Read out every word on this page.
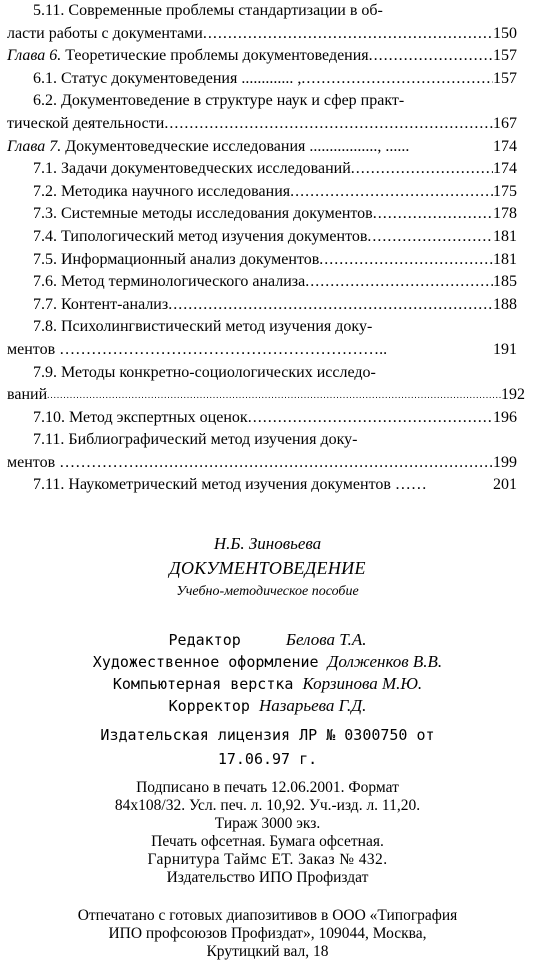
5.11. Современные проблемы стандартизации в об-
ласти работы с документами .....	150
Глава 6. Теоретические проблемы документоведения .....	157
6.1. Статус документоведения ............. , .....	157
6.2. Документоведение в структуре наук и сфер практ-
тической деятельности .....	167
Глава 7. Документоведческие исследования ................., ......	174
7.1. Задачи документоведческих исследований .....	174
7.2. Методика научного исследования .....	175
7.3. Системные методы исследования документов .....	178
7.4. Типологический метод изучения документов .....	181
7.5. Информационный анализ документов .....	181
7.6. Метод терминологического анализа .....	185
7.7. Контент-анализ .....	188
7.8. Психолингвистический метод изучения доку-
ментов ……………………………………………………..	191
7.9. Методы конкретно-социологических исследо-
ваний .....	192
7.10. Метод экспертных оценок .....	196
7.11. Библиографический метод изучения доку-
ментов …………… .....	199
7.11. Наукометрический метод изучения документов ……	201
Н.Б. Зиновьева
ДОКУМЕНТОВЕДЕНИЕ
Учебно-методическое пособие
Редактор	Белова Т.А.
Художественное оформление Долженков В.В.
Компьютерная верстка Корзинова М.Ю.
Корректор Назарьева Г.Д.
Издательская лицензия ЛР № 0300750 от
17.06.97 г.
Подписано в печать 12.06.2001. Формат
84х108/32. Усл. печ. л. 10,92. Уч.-изд. л. 11,20.
Тираж 3000 экз.
Печать офсетная. Бумага офсетная.
Гарнитура Таймс ЕТ. Заказ № 432.
Издательство ИПО Профиздат
Отпечатано с готовых диапозитивов в ООО «Типография
ИПО профсоюзов Профиздат», 109044, Москва,
Крутицкий вал, 18
